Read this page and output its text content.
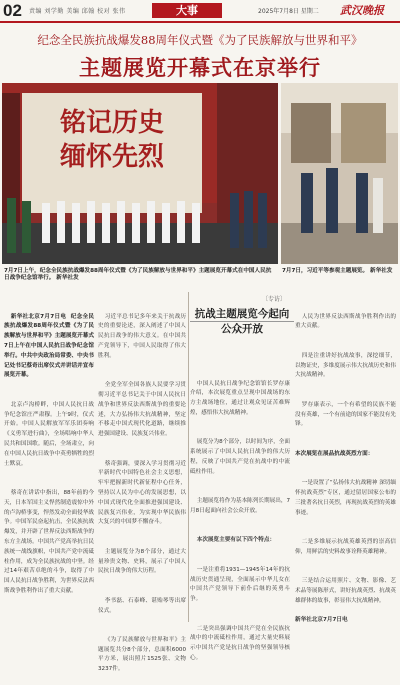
02 责编 刘学勤 美编 邱翰 校对 张伟	大事	2025年7月8日 星期二 武汉晚报
纪念全民族抗战爆发88周年仪式暨《为了民族解放与世界和平》
主题展览开幕式在京举行
铭记历史
缅怀先烈
7月7日上午，纪念全民族抗战爆发88周年仪式暨《为了民族解放与世界和平》主题展览开幕式在中国人民抗日战争纪念馆举行。 新华社发
7月7日，习近平等参观主题展览。 新华社发

新华社北京7月7日电  纪念全民族抗战爆发88周年仪式暨《为了民族解放与世界和平》主题展览开幕式7日上午在中国人民抗日战争纪念馆举行。中共中央政治局常委、中央书记处书记蔡奇出席仪式并讲话并宣布展览开幕。

北京卢沟桥畔，中国人民抗日战争纪念馆庄严肃穆。上午9时，仪式开始。中国人民解放军军乐团奏响《义勇军进行曲》，全场唱响中华人民共和国国歌。随后，全场肃立，向在中国人民抗日战争中英勇牺牲的烈士默哀。

蔡奇在讲话中指出，88年前的今天，日本军国主义悍然制造震惊中外的卢沟桥事变，悍然发动全面侵华战争。中国军民奋起抗击，全民族抗战爆发，并开辟了世界反法西斯战争的东方主战场。中国共产党高举抗日民族统一战线旗帜，中国共产党中流砥柱作用，成为全民族抗战的中坚。经过14年艰苦卓绝的斗争，取得了中国人民抗日战争胜利，为世界反法西斯战争胜利作出了重大贡献。

习近平总书记多年来关于抗战历史的重要论述，深入阐述了中国人民抗日战争的伟大意义。在中国共产党领导下，中国人民取得了伟大胜利。

全党全军全国各族人民要学习贯彻习近平总书记关于中国人民抗日战争和世界反法西斯战争的重要论述，大力弘扬伟大抗战精神，坚定不移走中国式现代化道路，继续推进强国建设、民族复兴伟业。

蔡奇强调，要深入学习贯彻习近平新时代中国特色社会主义思想，牢牢把握新时代新征程中心任务，坚持以人民为中心的发展思想，以中国式现代化全面推进强国建设、民族复兴伟业，为实现中华民族伟大复兴的中国梦不懈奋斗。

主题展览分为8个部分，通过大量珍贵文物、史料，展示了中国人民抗日战争的伟大历程。

李书磊、石泰峰、谌贻琴等出席仪式。

《为了民族解放与世界和平》主题展览共分8个部分，总面积6000平方米，展出照片1525张、文物3237件。

〔专访〕
抗战主题展览今起向公众开放

中国人民抗日战争纪念馆馆长罗存康介绍，本次展览重点呈现中国战场的东方主战场地位，通过让观众见证苦难辉煌，感悟伟大抗战精神。

展览分为8个部分，以时间为序，全面系统展示了中国人民抗日战争的伟大历程，反映了中国共产党在抗战中的中流砥柱作用。

主题展览将作为基本陈列长期展出，7月8日起面向社会公众开放。

本次展览主要有以下四个特点：

一是注重将1931—1945年14年的抗战历史贯通呈现，全面展示中华儿女在中国共产党领导下前仆后继的英勇斗争。

二是突出强调中国共产党在全民族抗战中的中流砥柱作用，通过大量史料展示中国共产党是抗日战争的坚强领导核心。

人民为世界反法西斯战争胜利作出的重大贡献。

四是注重讲好抗战故事，深挖细节，以物证史，多维度展示伟大抗战历史和伟大抗战精神。

罗存康表示，一个有希望的民族不能没有英雄，一个有前途的国家不能没有先锋。

本次展览在展品抗战英烈方面：

一是设置了“弘扬伟大抗战精神 深切缅怀抗战英烈”专区，通过留居国家公布的三批著名抗日英烈，再现抗战英烈的英雄事迹。

二是多维展示抗战英雄英烈的崇高信仰，用鲜活的史料故事诠释英雄精神。

三是结合运用照片、文物、影像、艺术品等展陈形式，讲好抗战英烈、抗战英雄群体的故事，彰显伟大抗战精神。

新华社北京7月7日电
